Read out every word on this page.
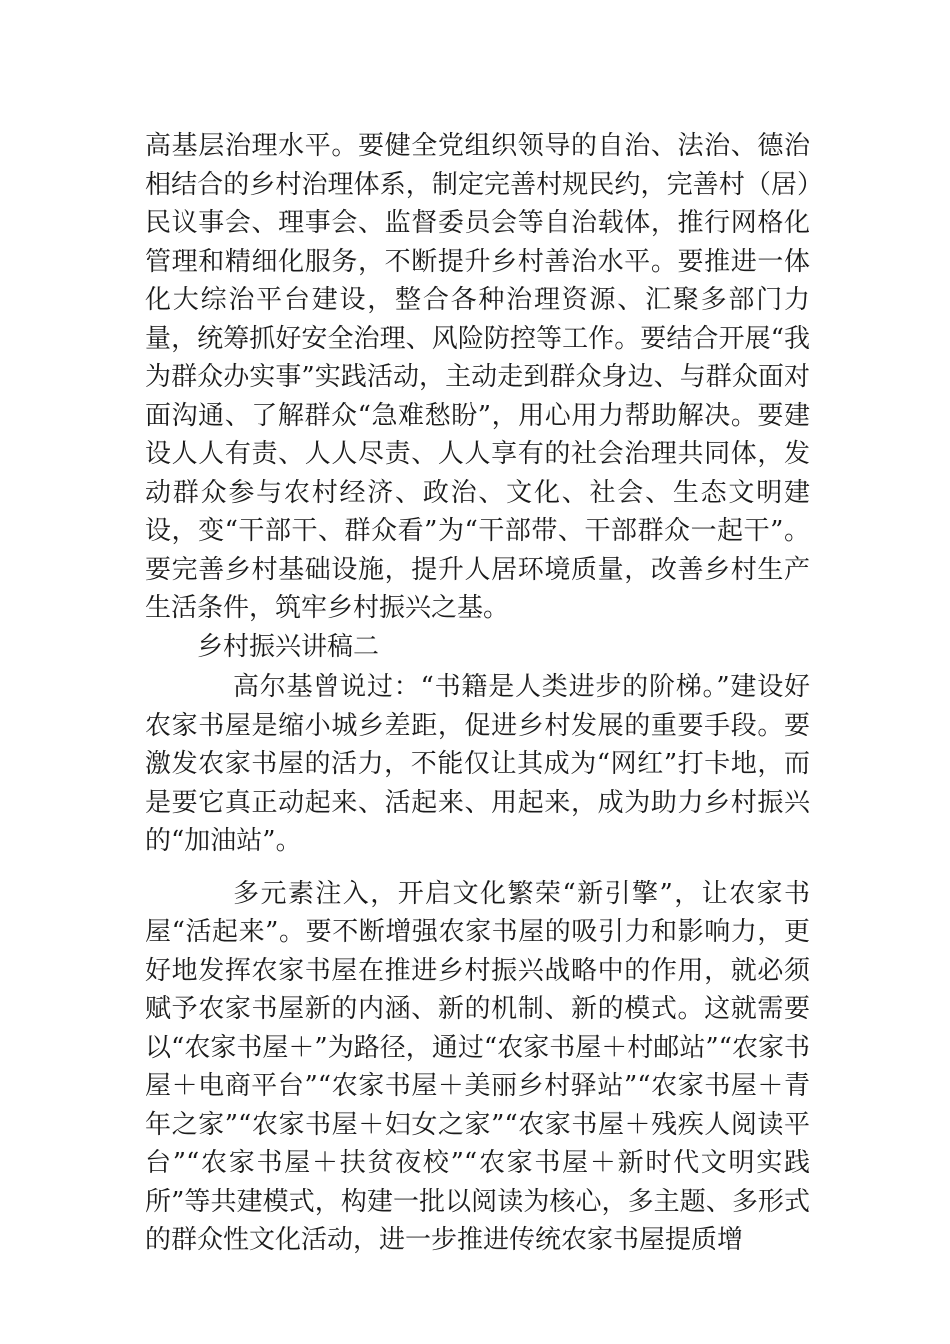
高基层治理水平。要健全党组织领导的自治、法治、德治相结合的乡村治理体系，制定完善村规民约，完善村（居）民议事会、理事会、监督委员会等自治载体，推行网格化管理和精细化服务，不断提升乡村善治水平。要推进一体化大综治平台建设，整合各种治理资源、汇聚多部门力量，统筹抓好安全治理、风险防控等工作。要结合开展“我为群众办实事”实践活动，主动走到群众身边、与群众面对面沟通、了解群众“急难愁盼”，用心用力帮助解决。要建设人人有责、人人尽责、人人享有的社会治理共同体，发动群众参与农村经济、政治、文化、社会、生态文明建设，变“干部干、群众看”为“干部带、干部群众一起干”。要完善乡村基础设施，提升人居环境质量，改善乡村生产生活条件，筑牢乡村振兴之基。

乡村振兴讲稿二

高尔基曾说过：“书籍是人类进步的阶梯。”建设好农家书屋是缩小城乡差距，促进乡村发展的重要手段。要激发农家书屋的活力，不能仅让其成为“网红”打卡地，而是要它真正动起来、活起来、用起来，成为助力乡村振兴的“加油站”。

多元素注入，开启文化繁荣“新引擎”，让农家书屋“活起来”。要不断增强农家书屋的吸引力和影响力，更好地发挥农家书屋在推进乡村振兴战略中的作用，就必须赋予农家书屋新的内涵、新的机制、新的模式。这就需要以“农家书屋＋”为路径，通过“农家书屋＋村邮站”“农家书屋＋电商平台”“农家书屋＋美丽乡村驿站”“农家书屋＋青年之家”“农家书屋＋妇女之家”“农家书屋＋残疾人阅读平台”“农家书屋＋扶贫夜校”“农家书屋＋新时代文明实践所”等共建模式，构建一批以阅读为核心，多主题、多形式的群众性文化活动，进一步推进传统农家书屋提质增
